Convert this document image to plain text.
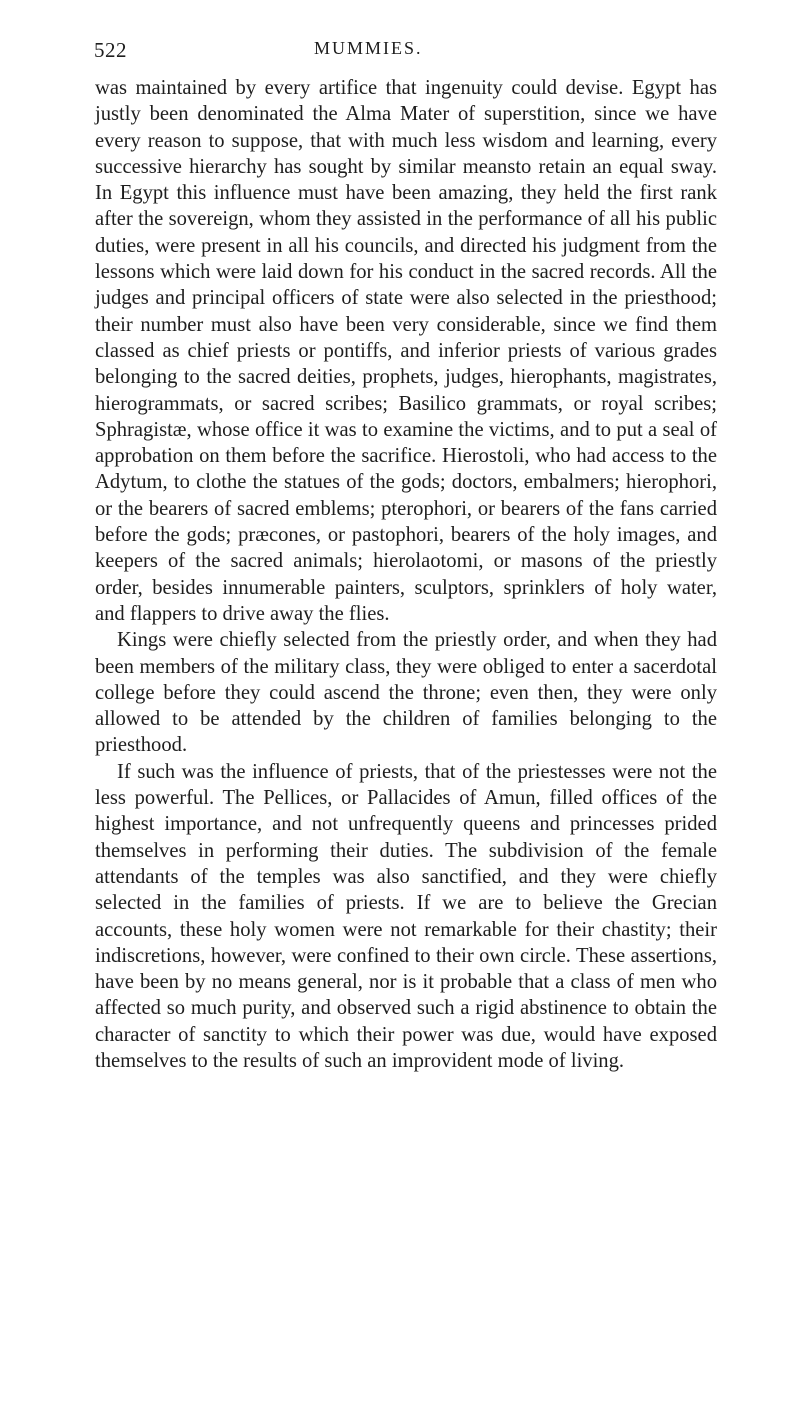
522	MUMMIES.

was maintained by every artifice that ingenuity could devise. Egypt has justly been denominated the Alma Mater of superstition, since we have every reason to suppose, that with much less wisdom and learning, every successive hierarchy has sought by similar meansto retain an equal sway. In Egypt this influence must have been amazing, they held the first rank after the sovereign, whom they assisted in the performance of all his public duties, were present in all his councils, and directed his judgment from the lessons which were laid down for his conduct in the sacred records. All the judges and principal officers of state were also selected in the priesthood; their number must also have been very considerable, since we find them classed as chief priests or pontiffs, and inferior priests of various grades belonging to the sacred deities, prophets, judges, hierophants, magistrates, hierogrammats, or sacred scribes; Basilico grammats, or royal scribes; Sphragistæ, whose office it was to examine the victims, and to put a seal of approbation on them before the sacrifice. Hierostoli, who had access to the Adytum, to clothe the statues of the gods; doctors, embalmers; hierophori, or the bearers of sacred emblems; pterophori, or bearers of the fans carried before the gods; præcones, or pastophori, bearers of the holy images, and keepers of the sacred animals; hierolaotomi, or masons of the priestly order, besides innumerable painters, sculptors, sprinklers of holy water, and flappers to drive away the flies.

Kings were chiefly selected from the priestly order, and when they had been members of the military class, they were obliged to enter a sacerdotal college before they could ascend the throne; even then, they were only allowed to be attended by the children of families belonging to the priesthood.

If such was the influence of priests, that of the priestesses were not the less powerful. The Pellices, or Pallacides of Amun, filled offices of the highest importance, and not unfrequently queens and princesses prided themselves in performing their duties. The subdivision of the female attendants of the temples was also sanctified, and they were chiefly selected in the families of priests. If we are to believe the Grecian accounts, these holy women were not remarkable for their chastity; their indiscretions, however, were confined to their own circle. These assertions, have been by no means general, nor is it probable that a class of men who affected so much purity, and observed such a rigid abstinence to obtain the character of sanctity to which their power was due, would have exposed themselves to the results of such an improvident mode of living.
